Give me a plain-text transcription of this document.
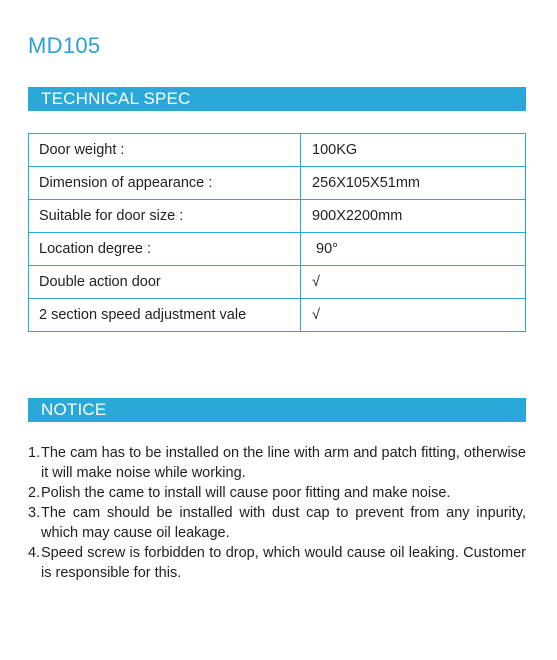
MD105
TECHNICAL SPEC
Door weight :	100KG
Dimension of appearance :	256X105X51mm
Suitable for door size :	900X2200mm
Location degree :	90°
Double action door	√
2 section speed adjustment vale	√
NOTICE
1. The cam has to be installed on the line with arm and patch fitting, otherwise it will make noise while working.
2. Polish the came to install will cause poor fitting and make noise.
3. The cam should be installed with dust cap to prevent from any inpurity, which may cause oil leakage.
4. Speed screw is forbidden to drop, which would cause oil leaking. Customer is responsible for this.
